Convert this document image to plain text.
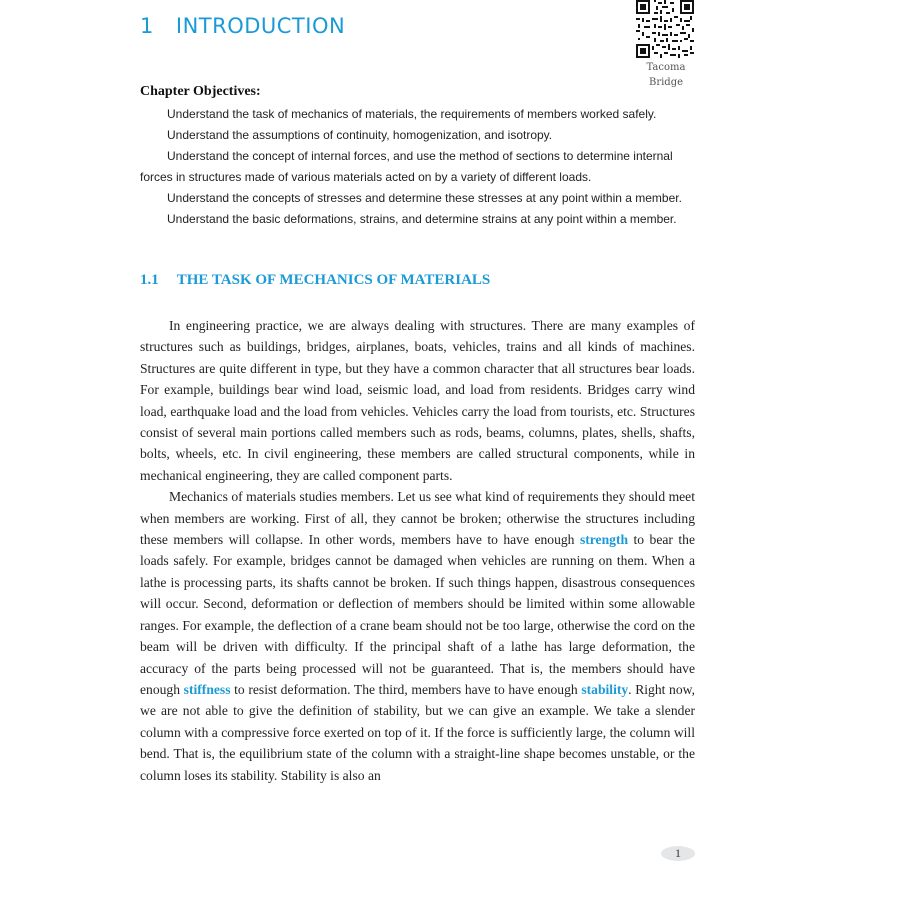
1 INTRODUCTION
Tacoma
Bridge
Chapter Objectives:

Understand the task of mechanics of materials, the requirements of members worked safely.

Understand the assumptions of continuity, homogenization, and isotropy.

Understand the concept of internal forces, and use the method of sections to determine internal forces in structures made of various materials acted on by a variety of different loads.

Understand the concepts of stresses and determine these stresses at any point within a member.

Understand the basic deformations, strains, and determine strains at any point within a member.

1.1 THE TASK OF MECHANICS OF MATERIALS

In engineering practice, we are always dealing with structures. There are many examples of structures such as buildings, bridges, airplanes, boats, vehicles, trains and all kinds of machines. Structures are quite different in type, but they have a common character that all structures bear loads. For example, buildings bear wind load, seismic load, and load from residents. Bridges carry wind load, earthquake load and the load from vehicles. Vehicles carry the load from tourists, etc. Structures consist of several main portions called members such as rods, beams, columns, plates, shells, shafts, bolts, wheels, etc. In civil engineering, these members are called structural components, while in mechanical engineering, they are called component parts.

Mechanics of materials studies members. Let us see what kind of requirements they should meet when members are working. First of all, they cannot be broken; otherwise the structures including these members will collapse. In other words, members have to have enough strength to bear the loads safely. For example, bridges cannot be damaged when vehicles are running on them. When a lathe is processing parts, its shafts cannot be broken. If such things happen, disastrous consequences will occur. Second, deformation or deflection of members should be limited within some allowable ranges. For example, the deflection of a crane beam should not be too large, otherwise the cord on the beam will be driven with difficulty. If the principal shaft of a lathe has large deformation, the accuracy of the parts being processed will not be guaranteed. That is, the members should have enough stiffness to resist deformation. The third, members have to have enough stability. Right now, we are not able to give the definition of stability, but we can give an example. We take a slender column with a compressive force exerted on top of it. If the force is sufficiently large, the column will bend. That is, the equilibrium state of the column with a straight-line shape becomes unstable, or the column loses its stability. Stability is also an

1
